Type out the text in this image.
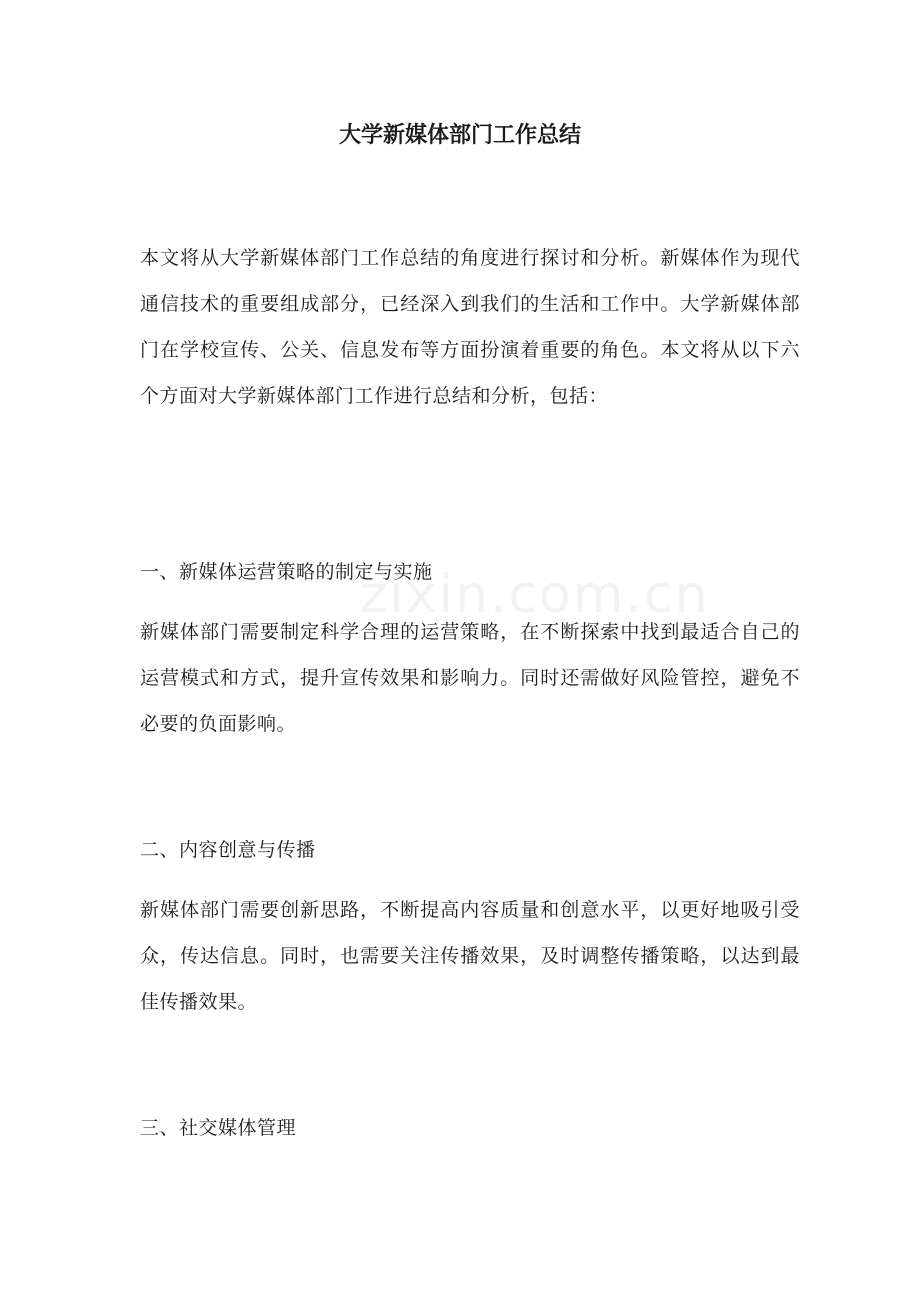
大学新媒体部门工作总结

本文将从大学新媒体部门工作总结的角度进行探讨和分析。新媒体作为现代通信技术的重要组成部分，已经深入到我们的生活和工作中。大学新媒体部门在学校宣传、公关、信息发布等方面扮演着重要的角色。本文将从以下六个方面对大学新媒体部门工作进行总结和分析，包括：

zixin.com.cn

一、新媒体运营策略的制定与实施

新媒体部门需要制定科学合理的运营策略，在不断探索中找到最适合自己的运营模式和方式，提升宣传效果和影响力。同时还需做好风险管控，避免不必要的负面影响。

二、内容创意与传播

新媒体部门需要创新思路，不断提高内容质量和创意水平，以更好地吸引受众，传达信息。同时，也需要关注传播效果，及时调整传播策略，以达到最佳传播效果。

三、社交媒体管理
